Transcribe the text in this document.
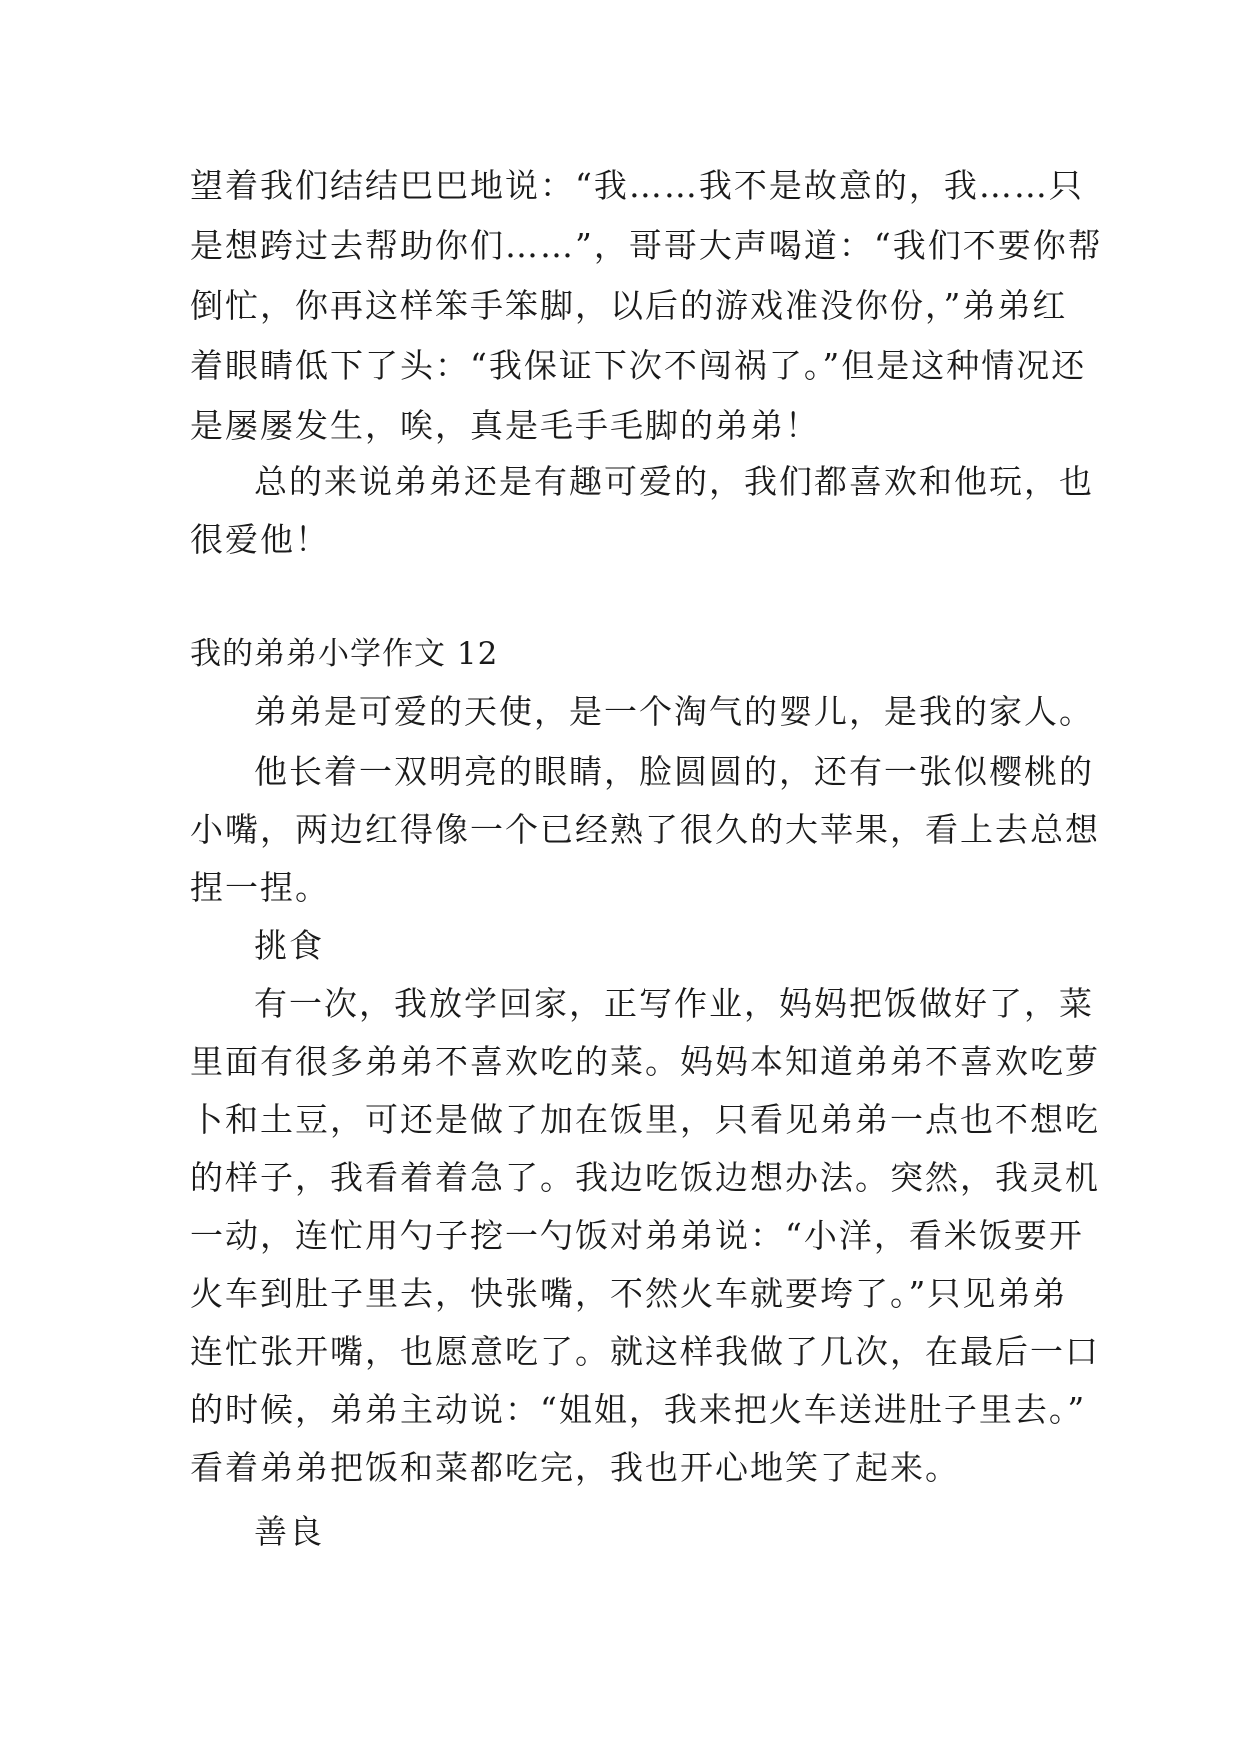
望着我们结结巴巴地说：“我……我不是故意的，我……只
是想跨过去帮助你们……”，哥哥大声喝道：“我们不要你帮
倒忙，你再这样笨手笨脚，以后的游戏准没你份，”弟弟红
着眼睛低下了头：“我保证下次不闯祸了。”但是这种情况还
是屡屡发生，唉，真是毛手毛脚的弟弟！
总的来说弟弟还是有趣可爱的，我们都喜欢和他玩，也
很爱他！
我的弟弟小学作文 12
弟弟是可爱的天使，是一个淘气的婴儿，是我的家人。
他长着一双明亮的眼睛，脸圆圆的，还有一张似樱桃的
小嘴，两边红得像一个已经熟了很久的大苹果，看上去总想
捏一捏。
挑食
有一次，我放学回家，正写作业，妈妈把饭做好了，菜
里面有很多弟弟不喜欢吃的菜。妈妈本知道弟弟不喜欢吃萝
卜和土豆，可还是做了加在饭里，只看见弟弟一点也不想吃
的样子，我看着着急了。我边吃饭边想办法。突然，我灵机
一动，连忙用勺子挖一勺饭对弟弟说：“小洋，看米饭要开
火车到肚子里去，快张嘴，不然火车就要垮了。”只见弟弟
连忙张开嘴，也愿意吃了。就这样我做了几次，在最后一口
的时候，弟弟主动说：“姐姐，我来把火车送进肚子里去。”
看着弟弟把饭和菜都吃完，我也开心地笑了起来。
善良
